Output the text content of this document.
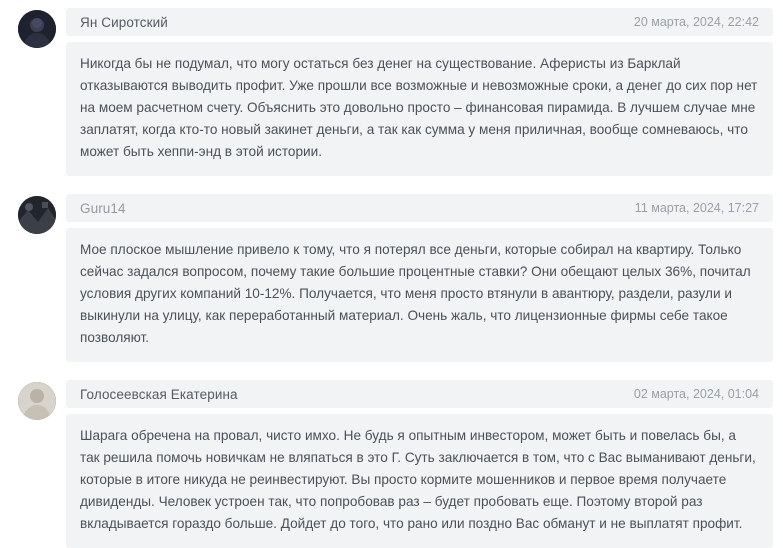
Ян Сиротский	20 марта, 2024, 22:42
Никогда бы не подумал, что могу остаться без денег на существование. Аферисты из Барклай отказываются выводить профит. Уже прошли все возможные и невозможные сроки, а денег до сих пор нет на моем расчетном счету. Объяснить это довольно просто – финансовая пирамида. В лучшем случае мне заплатят, когда кто-то новый закинет деньги, а так как сумма у меня приличная, вообще сомневаюсь, что может быть хеппи-энд в этой истории.
Guru14	11 марта, 2024, 17:27
Мое плоское мышление привело к тому, что я потерял все деньги, которые собирал на квартиру. Только сейчас задался вопросом, почему такие большие процентные ставки? Они обещают целых 36%, почитал условия других компаний 10-12%. Получается, что меня просто втянули в авантюру, раздели, разули и выкинули на улицу, как переработанный материал. Очень жаль, что лицензионные фирмы себе такое позволяют.
Голосеевская Екатерина	02 марта, 2024, 01:04
Шарага обречена на провал, чисто имхо. Не будь я опытным инвестором, может быть и повелась бы, а так решила помочь новичкам не вляпаться в это Г. Суть заключается в том, что с Вас выманивают деньги, которые в итоге никуда не реинвестируют. Вы просто кормите мошенников и первое время получаете дивиденды. Человек устроен так, что попробовав раз – будет пробовать еще. Поэтому второй раз вкладывается гораздо больше. Дойдет до того, что рано или поздно Вас обманут и не выплатят профит.
